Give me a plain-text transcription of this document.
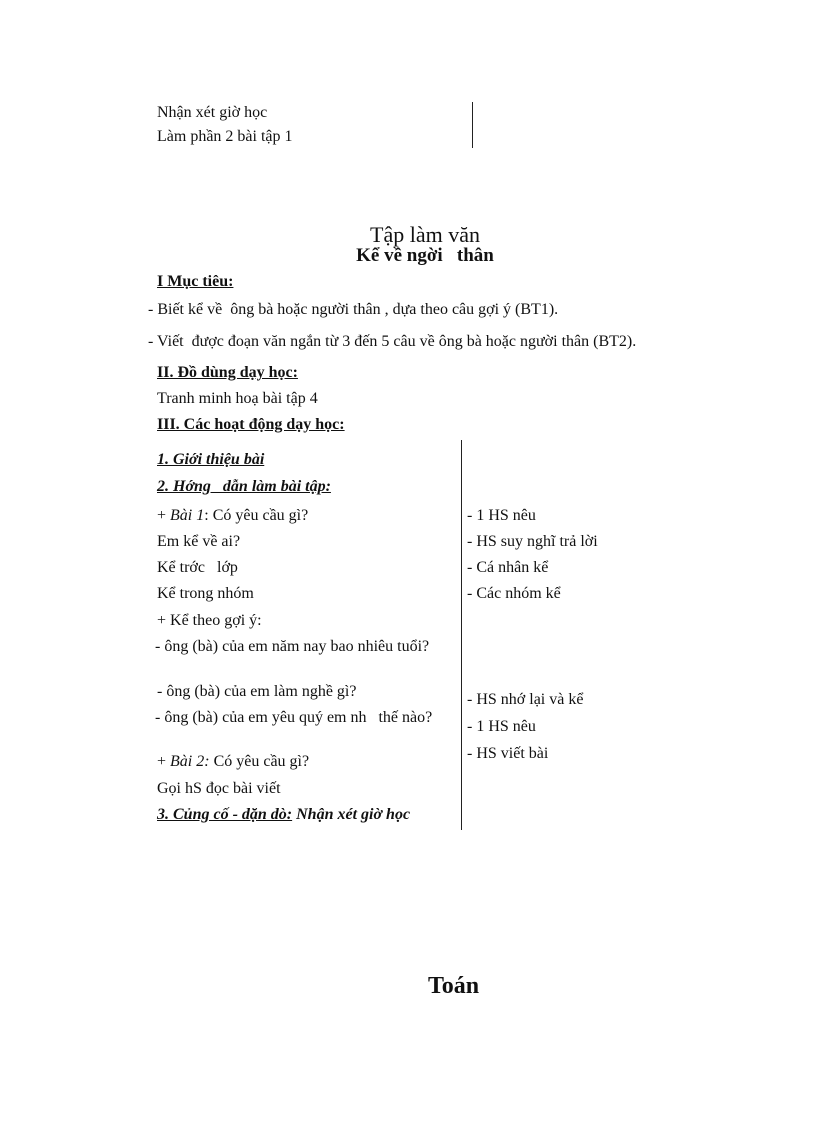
Nhận xét giờ học
Làm phần 2 bài tập 1
Tập làm văn
Kể về ngời   thân
I Mục tiêu:
- Biết kể về  ông bà hoặc người thân , dựa theo câu gợi ý (BT1).
- Viết  được đoạn văn ngắn từ 3 đến 5 câu về ông bà hoặc người thân (BT2).
II. Đồ dùng dạy học:
Tranh minh hoạ bài tập 4
III. Các hoạt động dạy học:
1. Giới thiệu bài
2. Hớng   dẫn làm bài tập:
+ Bài 1: Có yêu cầu gì?
Em kể về ai?
Kể trớc   lớp
Kể trong nhóm
+ Kể theo gợi ý:
- ông (bà) của em năm nay bao nhiêu tuổi?
- ông (bà) của em làm nghề gì?
- ông (bà) của em yêu quý em nh   thế nào?
+ Bài 2: Có yêu cầu gì?
Gọi hS đọc bài viết
3. Củng cố - dặn dò: Nhận xét giờ học
- 1 HS nêu
- HS suy nghĩ trả lời
- Cá nhân kể
- Các nhóm kể
- HS nhớ lại và kể
- 1 HS nêu
- HS viết bài
Toán
